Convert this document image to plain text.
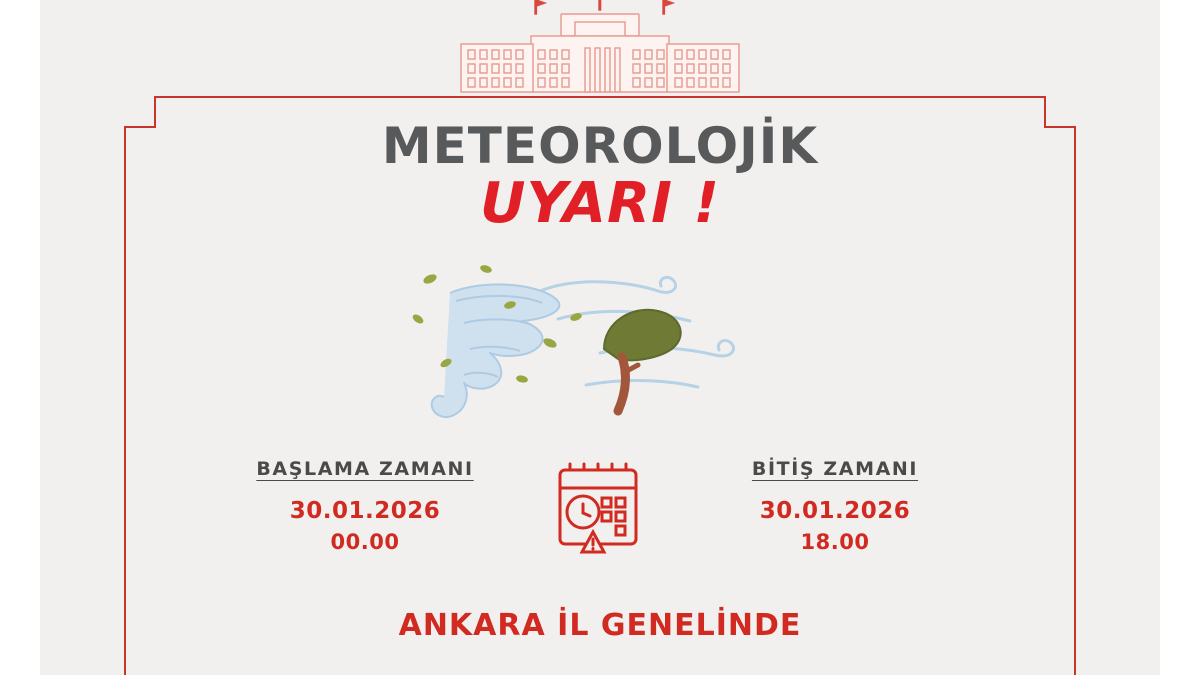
METEOROLOJİK
UYARI !

BAŞLAMA ZAMANI

30.01.2026

00.00

BİTİŞ ZAMANI

30.01.2026

18.00

ANKARA İL GENELİNDE
